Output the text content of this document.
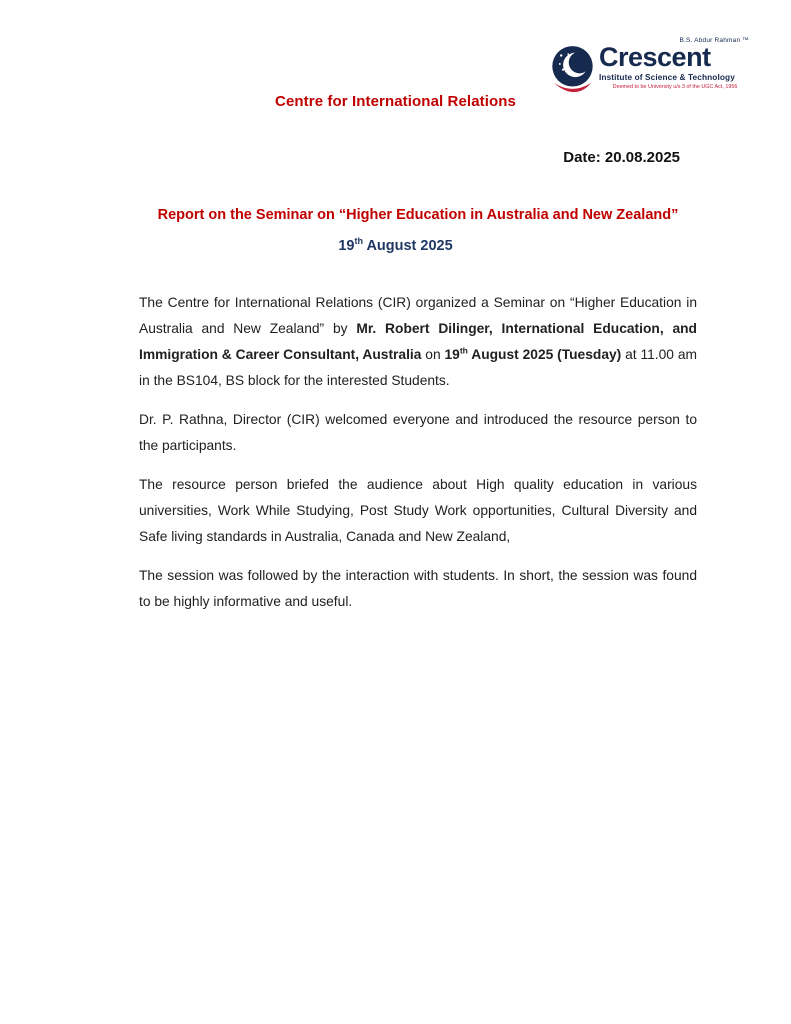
B.S. Abdur Rahman ™
Crescent
Institute of Science & Technology
Deemed to be University u/s 3 of the UGC Act, 1956
Centre for International Relations
Date: 20.08.2025
Report on the Seminar on “Higher Education in Australia and New Zealand”
19th August 2025

The Centre for International Relations (CIR) organized a Seminar on “Higher Education in Australia and New Zealand” by Mr. Robert Dilinger, International Education, and Immigration & Career Consultant, Australia on 19th August 2025 (Tuesday) at 11.00 am in the BS104, BS block for the interested Students.

Dr. P. Rathna, Director (CIR) welcomed everyone and introduced the resource person to the participants.

The resource person briefed the audience about High quality education in various universities, Work While Studying, Post Study Work opportunities, Cultural Diversity and Safe living standards in Australia, Canada and New Zealand,

The session was followed by the interaction with students. In short, the session was found to be highly informative and useful.
